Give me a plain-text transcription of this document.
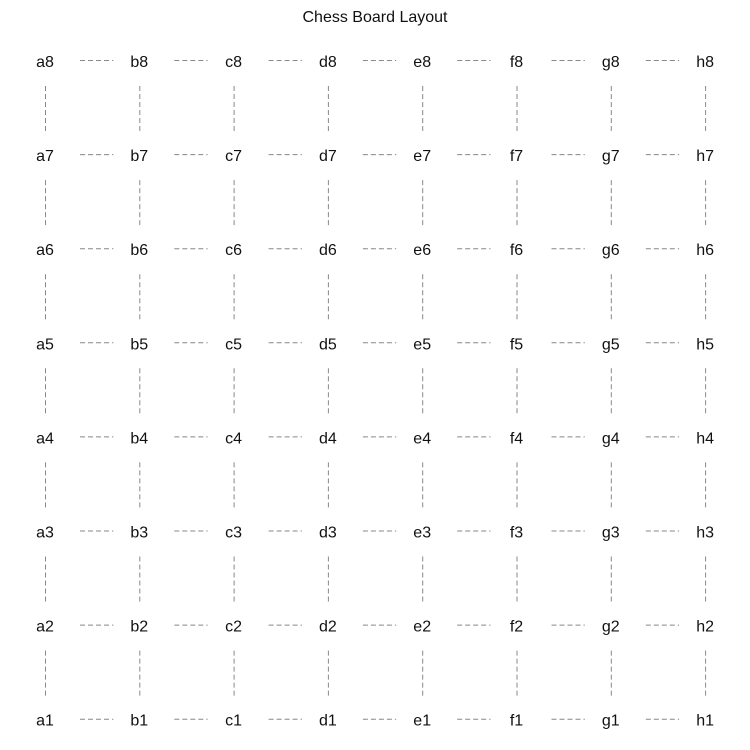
Chess Board Layout
a8	b8	c8	d8	e8	f8	g8	h8
a7	b7	c7	d7	e7	f7	g7	h7
a6	b6	c6	d6	e6	f6	g6	h6
a5	b5	c5	d5	e5	f5	g5	h5
a4	b4	c4	d4	e4	f4	g4	h4
a3	b3	c3	d3	e3	f3	g3	h3
a2	b2	c2	d2	e2	f2	g2	h2
a1	b1	c1	d1	e1	f1	g1	h1
